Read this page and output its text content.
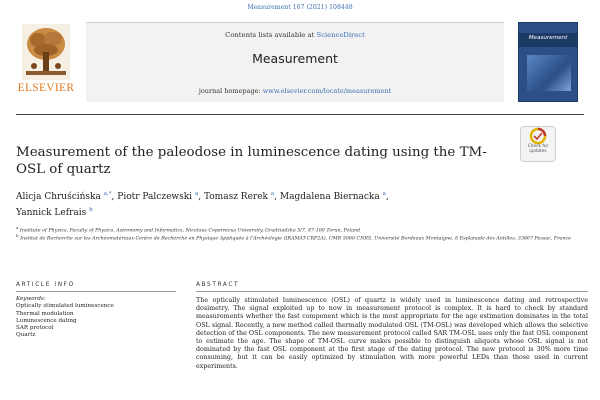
Measurement 167 (2021) 108448
ELSEVIER
Contents lists available at ScienceDirect
Measurement
journal homepage: www.elsevier.com/locate/measurement
Measurement
Measurement of the paleodose in luminescence dating using the TM-OSL of quartz
Check for
updates
Alicja Chruścińska $^{a,*}$, Piotr Palczewski $^a$, Tomasz Rerek $^a$, Magdalena Biernacka $^a$,
Yannick Lefrais $^b$
$^a$ Institute of Physics, Faculty of Physics, Astronomy and Informatics, Nicolaus Copernicus University, Grudziadzka 5/7, 87-100 Torun, Poland
$^b$ Institut de Recherche sur les Archéomatériaux-Centre de Recherche en Physique Appliquée à l'Archéologie (IRAMAT-CRP2A), UMR 5060 CNRS, Université Bordeaux Montaigne, 8 Esplanade des Antilles, 33607 Pessac, France
ARTICLE INFO	ABSTRACT
Keywords:
Optically stimulated luminescence
Thermal modulation
Luminescence dating
SAR protocol
Quartz
The optically stimulated luminescence (OSL) of quartz is widely used in luminescence dating and retrospective dosimetry. The signal exploited up to now in measurement protocol is complex. It is hard to check by standard measurements whether the fast component which is the most appropriate for the age estimation dominates in the total OSL signal. Recently, a new method called thermally modulated OSL (TM-OSL) was developed which allows the selective detection of the OSL components. The new measurement protocol called SAR TM-OSL uses only the fast OSL component to estimate the age. The shape of TM-OSL curve makes possible to distinguish aliquots whose OSL signal is not dominated by the fast OSL component at the first stage of the dating protocol. The new protocol is 30% more time consuming, but it can be easily optimized by stimulation with more powerful LEDs than those used in current experiments.
